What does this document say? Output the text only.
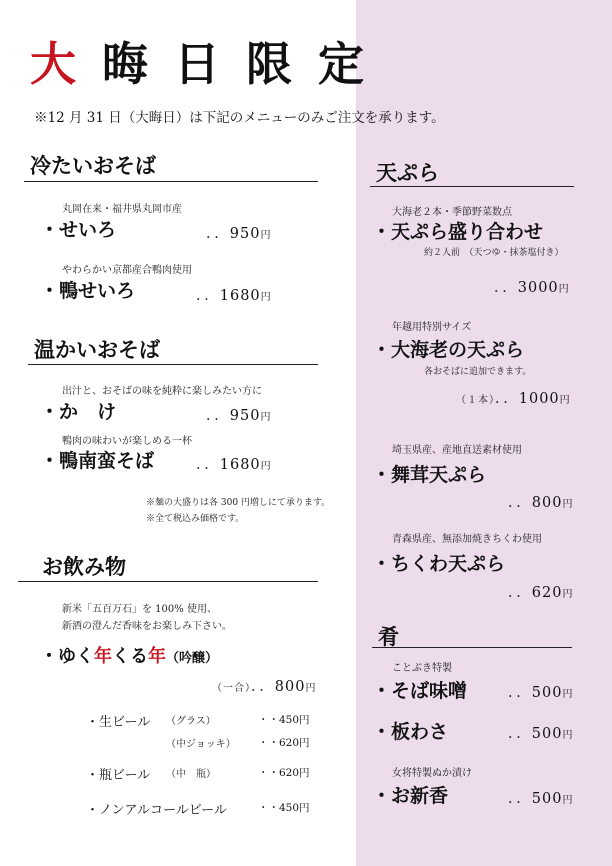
大晦日限定
※12 月 31 日（大晦日）は下記のメニューのみご注文を承ります。
冷たいおそば
丸岡在来・福井県丸岡市産
・せいろ	．．950円
やわらかい京都産合鴨肉使用
・鴨せいろ	．．1680円
温かいおそば
出汁と、おそばの味を純粋に楽しみたい方に
・か　け	．．950円
鴨肉の味わいが楽しめる一杯
・鴨南蛮そば	．．1680円
※麺の大盛りは各 300 円増しにて承ります。
※全て税込み価格です。
お飲み物
新米「五百万石」を 100% 使用、
新酒の澄んだ香味をお楽しみ下さい。
・ゆく年くる年（吟醸）
（一合）．．800円
・生ビール （グラス）	・・450円
（中ジョッキ） ・・620円
・瓶ビール （中　瓶）	・・620円
・ノンアルコールビール	・・450円
天ぷら
大海老２本・季節野菜数点
・天ぷら盛り合わせ
約２人前　（天つゆ・抹茶塩付き）
．．3000円
年越用特別サイズ
・大海老の天ぷら
各おそばに追加できます。
（１本）．．1000円
埼玉県産、産地直送素材使用
・舞茸天ぷら
．．800円
青森県産、無添加焼きちくわ使用
・ちくわ天ぷら
．．620円
肴
ことぶき特製
・そば味噌	．．500円
・板わさ	．．500円
女将特製ぬか漬け
・お新香	．．500円
